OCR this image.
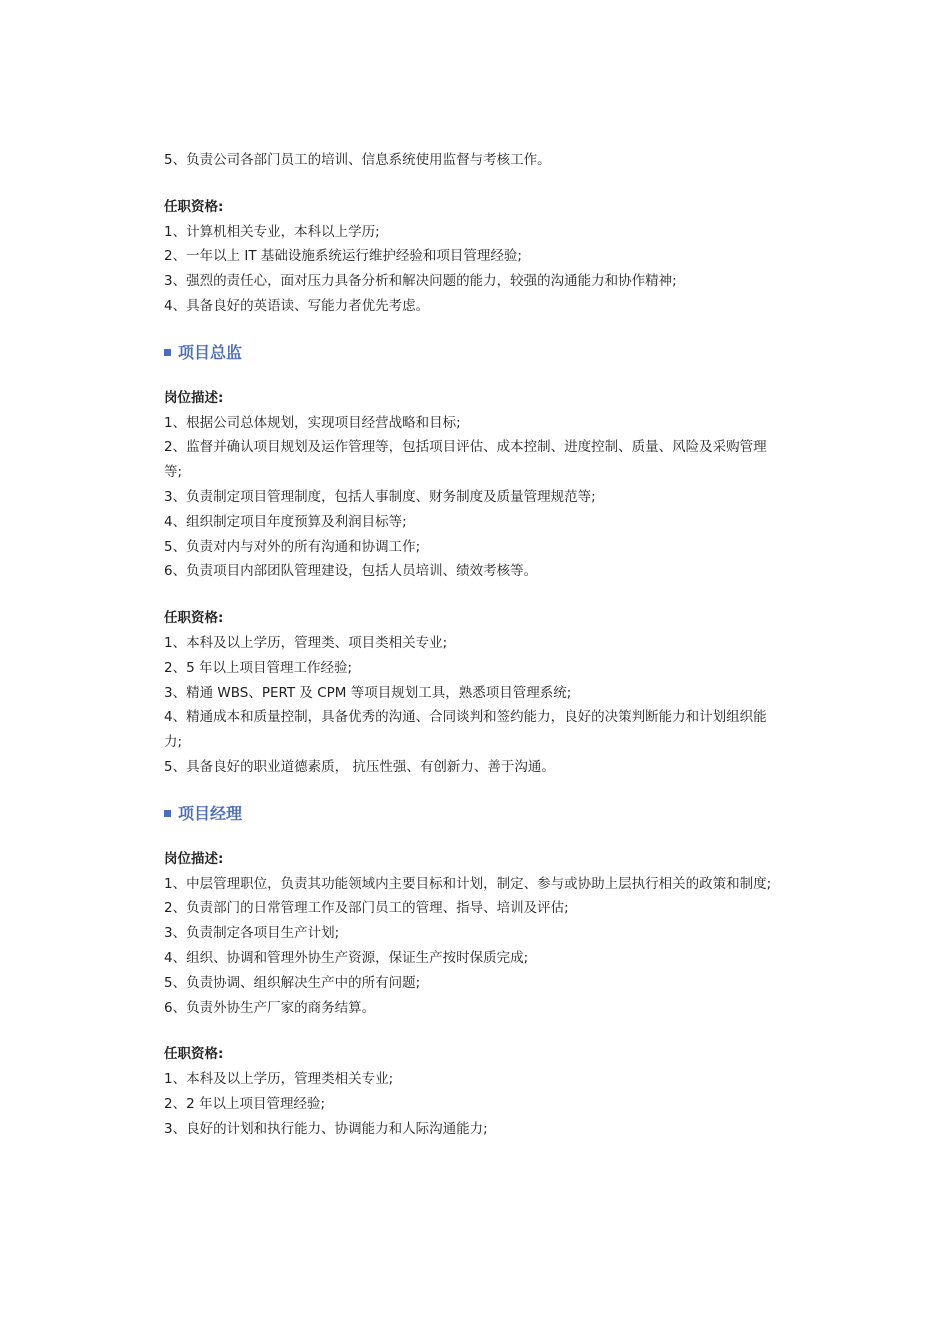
5、负责公司各部门员工的培训、信息系统使用监督与考核工作。

任职资格:

1、计算机相关专业，本科以上学历;

2、一年以上 IT 基础设施系统运行维护经验和项目管理经验;

3、强烈的责任心，面对压力具备分析和解决问题的能力，较强的沟通能力和协作精神;

4、具备良好的英语读、写能力者优先考虑。

项目总监

岗位描述:

1、根据公司总体规划，实现项目经营战略和目标;

2、监督并确认项目规划及运作管理等，包括项目评估、成本控制、进度控制、质量、风险及采购管理等;

3、负责制定项目管理制度，包括人事制度、财务制度及质量管理规范等;

4、组织制定项目年度预算及利润目标等;

5、负责对内与对外的所有沟通和协调工作;

6、负责项目内部团队管理建设，包括人员培训、绩效考核等。

任职资格:

1、本科及以上学历，管理类、项目类相关专业;

2、5 年以上项目管理工作经验;

3、精通 WBS、PERT 及 CPM 等项目规划工具，熟悉项目管理系统;

4、精通成本和质量控制，具备优秀的沟通、合同谈判和签约能力，良好的决策判断能力和计划组织能力;

5、具备良好的职业道德素质， 抗压性强、有创新力、善于沟通。

项目经理

岗位描述:

1、中层管理职位，负责其功能领域内主要目标和计划，制定、参与或协助上层执行相关的政策和制度;

2、负责部门的日常管理工作及部门员工的管理、指导、培训及评估;

3、负责制定各项目生产计划;

4、组织、协调和管理外协生产资源，保证生产按时保质完成;

5、负责协调、组织解决生产中的所有问题;

6、负责外协生产厂家的商务结算。

任职资格:

1、本科及以上学历，管理类相关专业;

2、2 年以上项目管理经验;

3、良好的计划和执行能力、协调能力和人际沟通能力;
